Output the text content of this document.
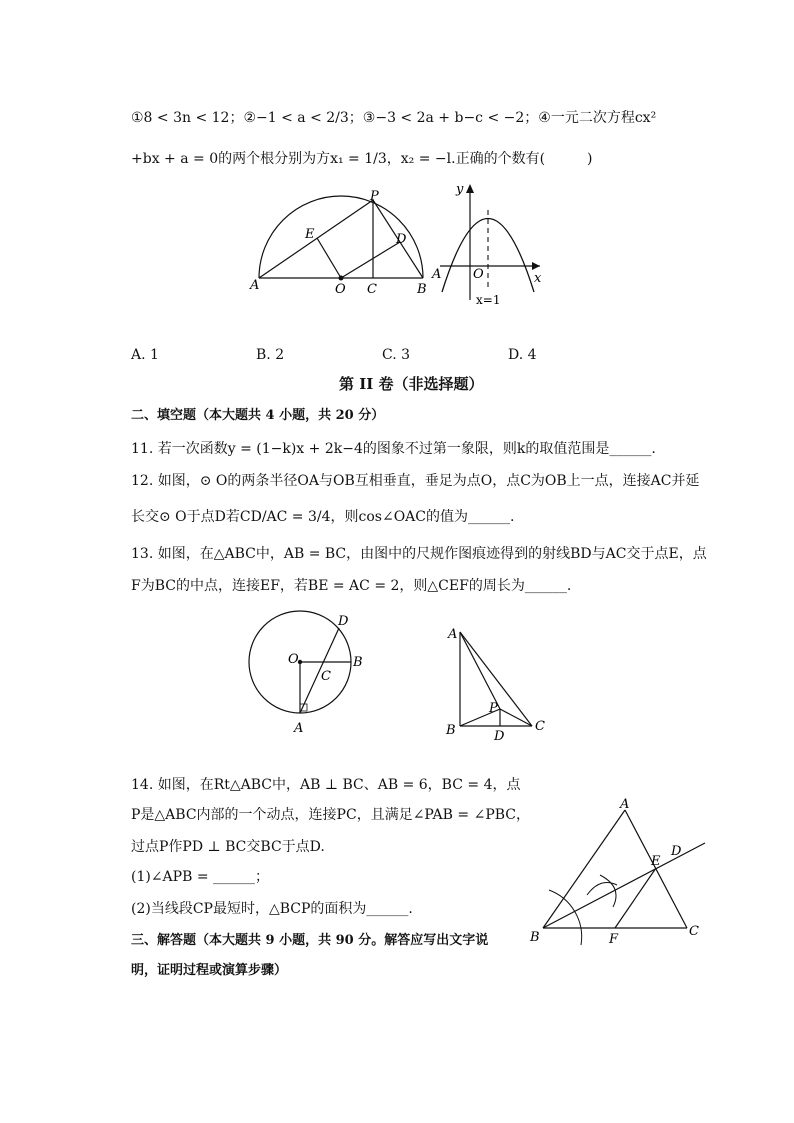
①8 < 3n < 12；②−1 < a < 2/3；③−3 < 2a + b−c < −2；④一元二次方程cx²
+bx + a = 0的两个根分别为方x₁ = 1/3，x₂ = −l.正确的个数有(　　　)
A	O C	B
P
E	D
y
A O	x
x=1
A. 1	B. 2	C. 3	D. 4
第 II 卷（非选择题）
二、填空题（本大题共 4 小题，共 20 分）
11. 若一次函数y = (1−k)x + 2k−4的图象不过第一象限，则k的取值范围是______.
12. 如图，⊙ O的两条半径OA与OB互相垂直，垂足为点O，点C为OB上一点，连接AC并延
长交⊙ O于点D若CD/AC = 3/4，则cos∠OAC的值为______.
13. 如图，在△ABC中，AB = BC，由图中的尺规作图痕迹得到的射线BD与AC交于点E，点
F为BC的中点，连接EF，若BE = AC = 2，则△CEF的周长为______.
D
O	B
C
A
A
P
B	D
C
14. 如图，在Rt△ABC中，AB ⊥ BC、AB = 6，BC = 4，点
P是△ABC内部的一个动点，连接PC，且满足∠PAB = ∠PBC，
过点P作PD ⊥ BC交BC于点D.
(1)∠APB = ______；
(2)当线段CP最短时，△BCP的面积为______.
A
E
D
B	F
C
三、解答题（本大题共 9 小题，共 90 分。解答应写出文字说
明，证明过程或演算步骤）
